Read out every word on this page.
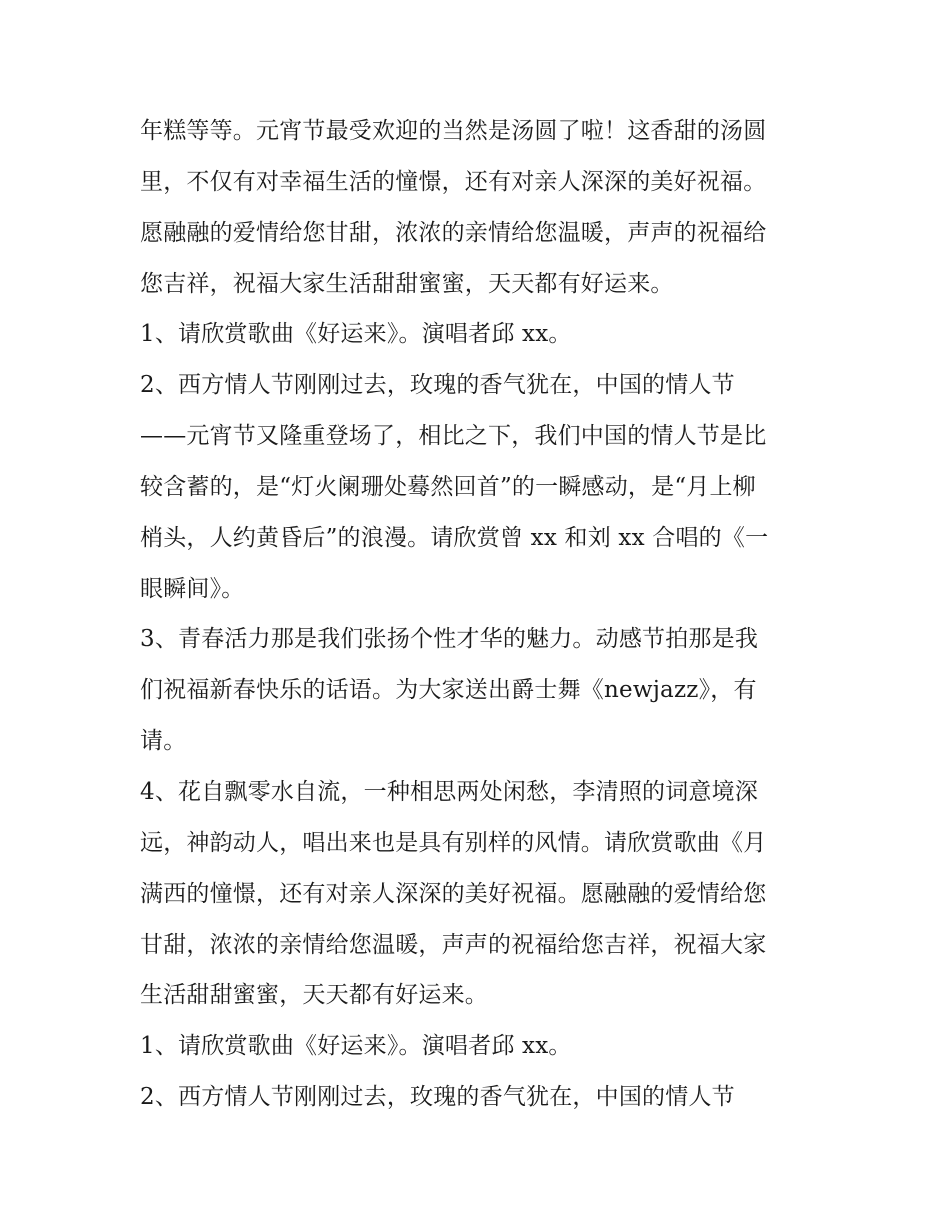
年糕等等。元宵节最受欢迎的当然是汤圆了啦！这香甜的汤圆
里，不仅有对幸福生活的憧憬，还有对亲人深深的美好祝福。
愿融融的爱情给您甘甜，浓浓的亲情给您温暖，声声的祝福给
您吉祥，祝福大家生活甜甜蜜蜜，天天都有好运来。
1、请欣赏歌曲《好运来》。演唱者邱 xx。
2、西方情人节刚刚过去，玫瑰的香气犹在，中国的情人节
——元宵节又隆重登场了，相比之下，我们中国的情人节是比
较含蓄的，是“灯火阑珊处蓦然回首”的一瞬感动，是“月上柳
梢头，人约黄昏后”的浪漫。请欣赏曾 xx 和刘 xx 合唱的《一
眼瞬间》。
3、青春活力那是我们张扬个性才华的魅力。动感节拍那是我
们祝福新春快乐的话语。为大家送出爵士舞《newjazz》，有
请。
4、花自飘零水自流，一种相思两处闲愁，李清照的词意境深
远，神韵动人，唱出来也是具有别样的风情。请欣赏歌曲《月
满西的憧憬，还有对亲人深深的美好祝福。愿融融的爱情给您
甘甜，浓浓的亲情给您温暖，声声的祝福给您吉祥，祝福大家
生活甜甜蜜蜜，天天都有好运来。
1、请欣赏歌曲《好运来》。演唱者邱 xx。
2、西方情人节刚刚过去，玫瑰的香气犹在，中国的情人节
